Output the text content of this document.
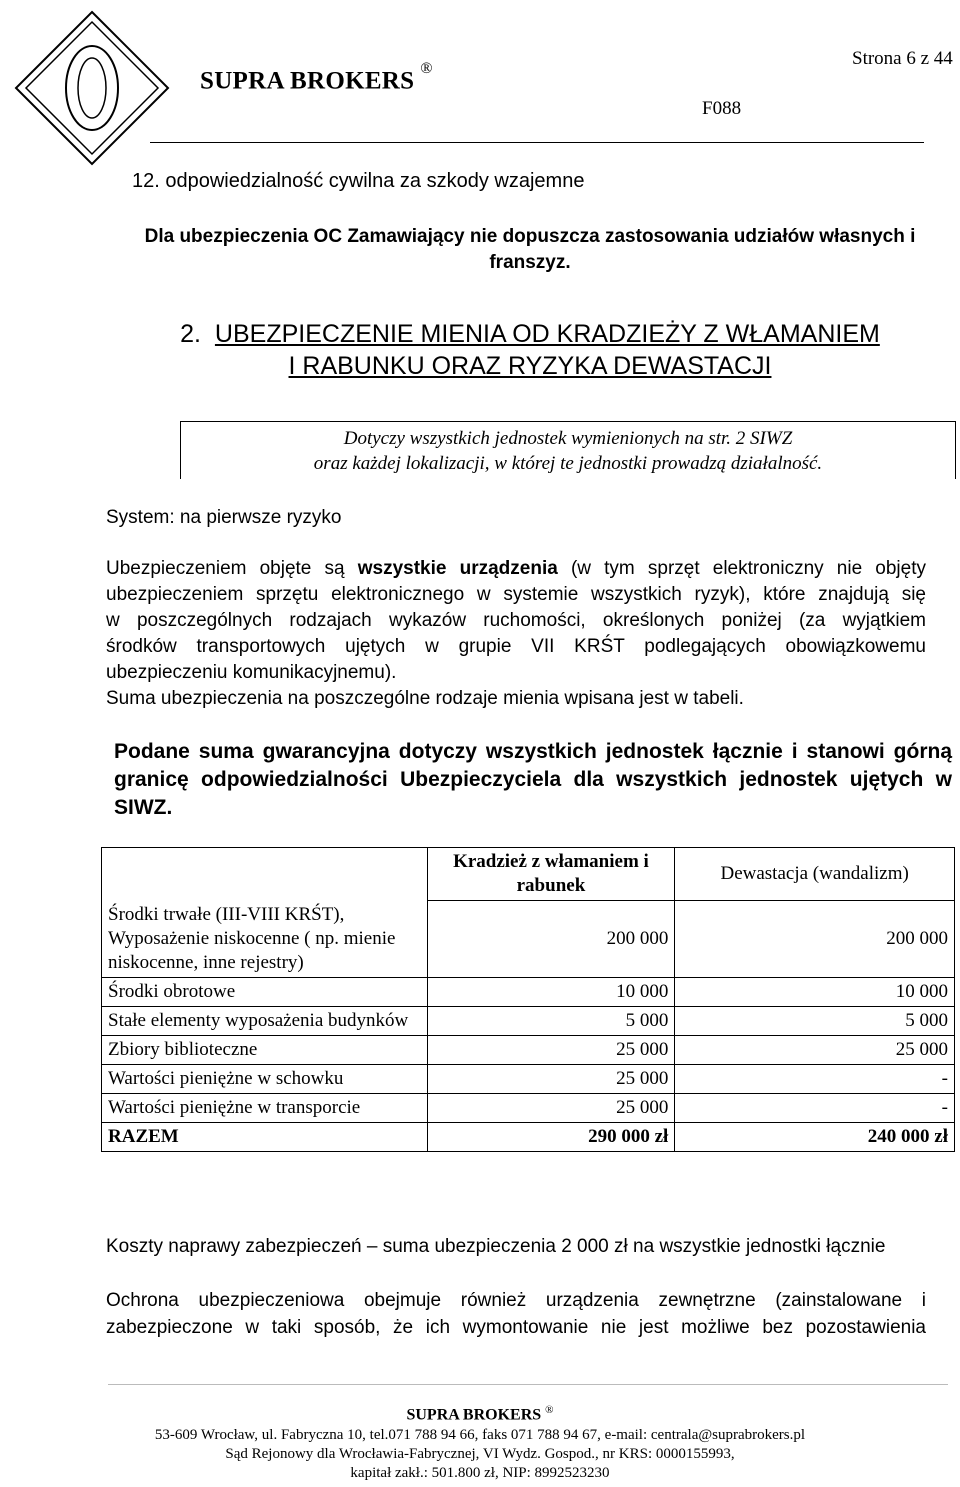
SUPRA BROKERS ®	Strona 6 z 44
F088
12. odpowiedzialność cywilna za szkody wzajemne
Dla ubezpieczenia OC Zamawiający nie dopuszcza zastosowania udziałów własnych i
franszyz.
2. UBEZPIECZENIE MIENIA OD KRADZIEŻY Z WŁAMANIEM
I RABUNKU ORAZ RYZYKA DEWASTACJI
Dotyczy wszystkich jednostek wymienionych na str. 2 SIWZ
oraz każdej lokalizacji, w której te jednostki prowadzą działalność.
System: na pierwsze ryzyko
Ubezpieczeniem objęte są wszystkie urządzenia (w tym sprzęt elektroniczny nie objęty
ubezpieczeniem sprzętu elektronicznego w systemie wszystkich ryzyk), które znajdują się
w poszczególnych rodzajach wykazów ruchomości, określonych poniżej (za wyjątkiem
środków transportowych ujętych w grupie VII KRŚT podlegających obowiązkowemu
ubezpieczeniu komunikacyjnemu).
Suma ubezpieczenia na poszczególne rodzaje mienia wpisana jest w tabeli.
Podane suma gwarancyjna dotyczy wszystkich jednostek łącznie i stanowi górną
granicę odpowiedzialności Ubezpieczyciela dla wszystkich jednostek ujętych w
SIWZ.
	Kradzież z włamaniem i rabunek	Dewastacja (wandalizm)
Środki trwałe (III-VIII KRŚT), Wyposażenie niskocenne ( np. mienie niskocenne, inne rejestry)	200 000	200 000
Środki obrotowe	10 000	10 000
Stałe elementy wyposażenia budynków	5 000	5 000
Zbiory biblioteczne	25 000	25 000
Wartości pieniężne w schowku	25 000	-
Wartości pieniężne w transporcie	25 000	-
RAZEM	290 000 zł	240 000 zł
Koszty naprawy zabezpieczeń – suma ubezpieczenia 2 000 zł na wszystkie jednostki łącznie
Ochrona ubezpieczeniowa obejmuje również urządzenia zewnętrzne (zainstalowane i
zabezpieczone w taki sposób, że ich wymontowanie nie jest możliwe bez pozostawienia
SUPRA BROKERS ®
53-609 Wrocław, ul. Fabryczna 10, tel.071 788 94 66, faks 071 788 94 67, e-mail: centrala@suprabrokers.pl
Sąd Rejonowy dla Wrocławia-Fabrycznej, VI Wydz. Gospod., nr KRS: 0000155993,
kapitał zakł.: 501.800 zł, NIP: 8992523230
